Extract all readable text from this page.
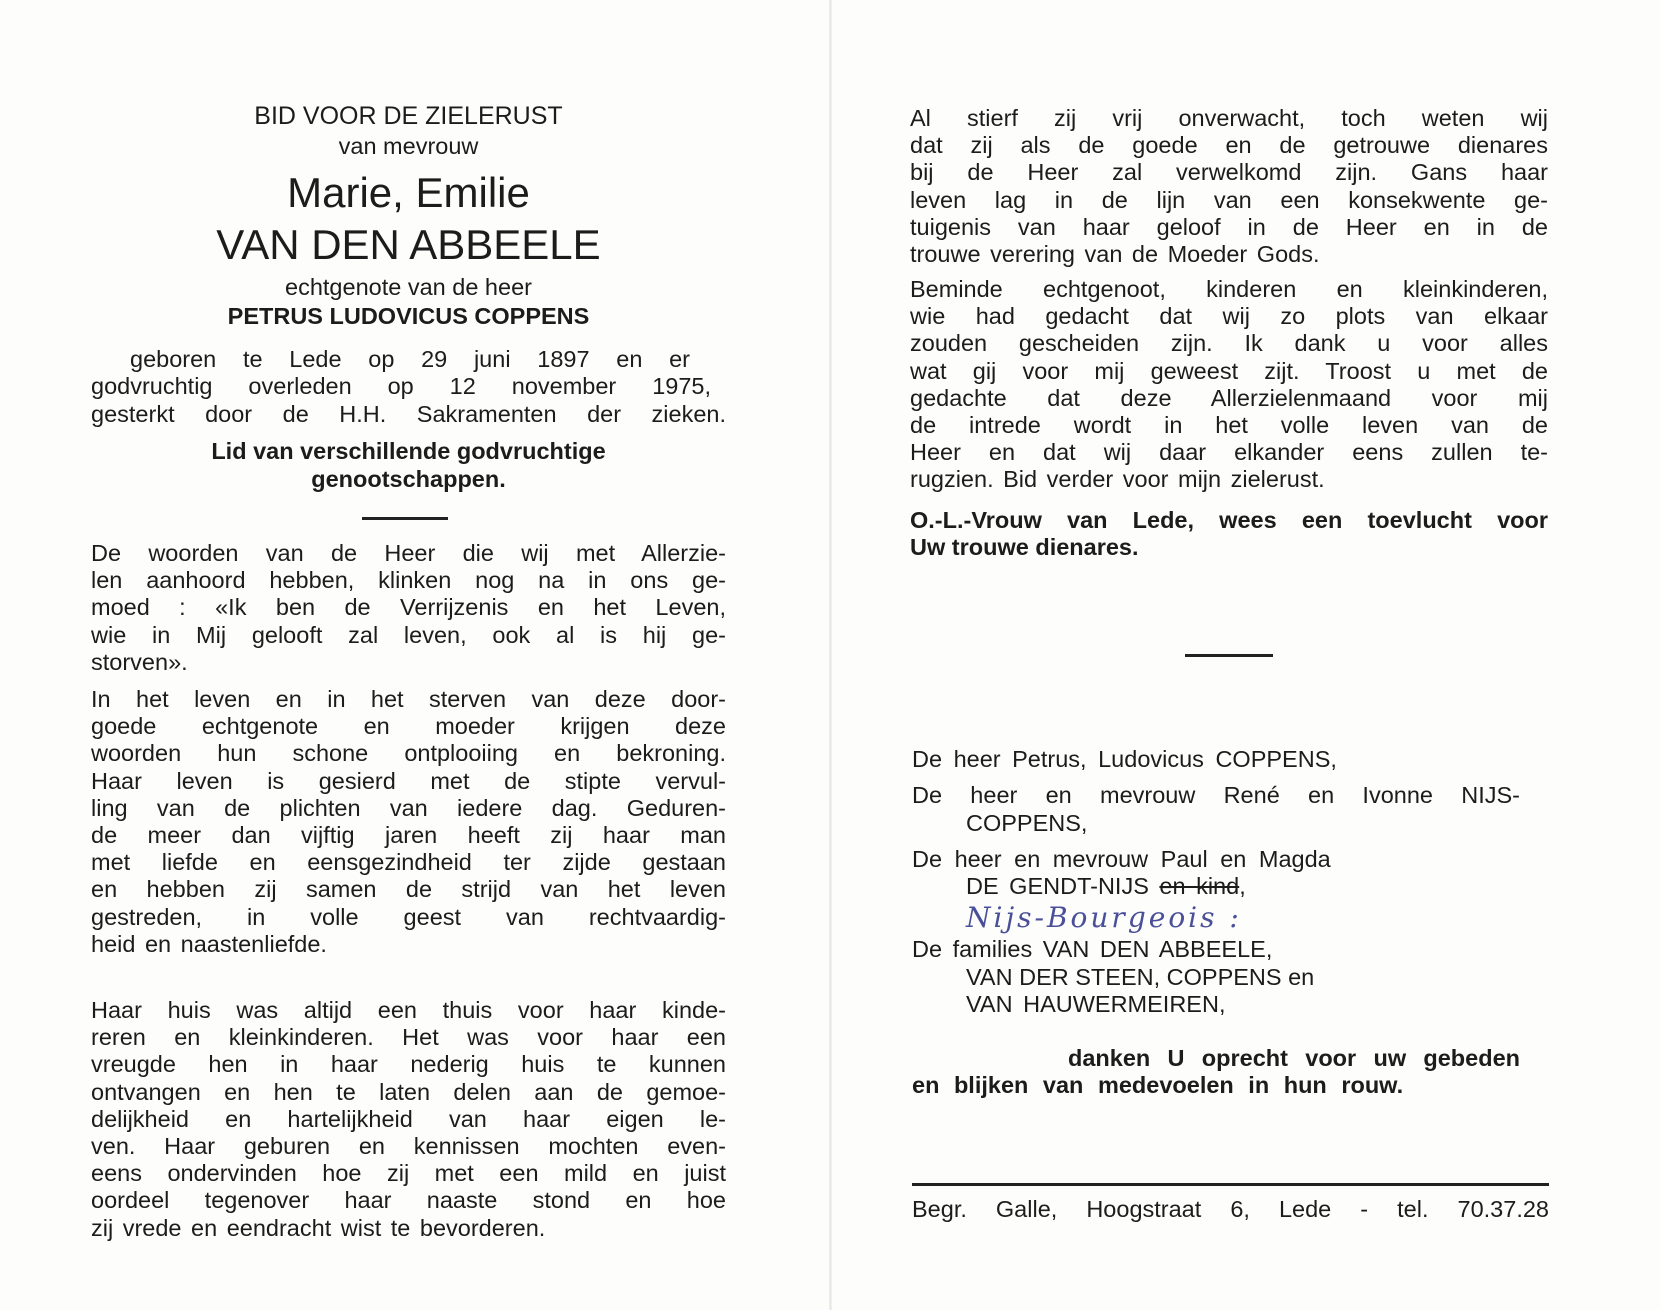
BID VOOR DE ZIELERUST
van mevrouw
Marie, Emilie
VAN DEN ABBEELE
echtgenote van de heer
PETRUS LUDOVICUS COPPENS
geboren te Lede op 29 juni 1897 en er
godvruchtig overleden op 12 november 1975,
gesterkt door de H.H. Sakramenten der zieken.
Lid van verschillende godvruchtige
genootschappen.
De woorden van de Heer die wij met Allerzie-
len aanhoord hebben, klinken nog na in ons ge-
moed : «Ik ben de Verrijzenis en het Leven,
wie in Mij gelooft zal leven, ook al is hij ge-
storven».
In het leven en in het sterven van deze door-
goede echtgenote en moeder krijgen deze
woorden hun schone ontplooiing en bekroning.
Haar leven is gesierd met de stipte vervul-
ling van de plichten van iedere dag. Geduren-
de meer dan vijftig jaren heeft zij haar man
met liefde en eensgezindheid ter zijde gestaan
en hebben zij samen de strijd van het leven
gestreden, in volle geest van rechtvaardig-
heid en naastenliefde.
Haar huis was altijd een thuis voor haar kinde-
reren en kleinkinderen. Het was voor haar een
vreugde hen in haar nederig huis te kunnen
ontvangen en hen te laten delen aan de gemoe-
delijkheid en hartelijkheid van haar eigen le-
ven. Haar geburen en kennissen mochten even-
eens ondervinden hoe zij met een mild en juist
oordeel tegenover haar naaste stond en hoe
zij vrede en eendracht wist te bevorderen.
Al stierf zij vrij onverwacht, toch weten wij
dat zij als de goede en de getrouwe dienares
bij de Heer zal verwelkomd zijn. Gans haar
leven lag in de lijn van een konsekwente ge-
tuigenis van haar geloof in de Heer en in de
trouwe verering van de Moeder Gods.
Beminde echtgenoot, kinderen en kleinkinderen,
wie had gedacht dat wij zo plots van elkaar
zouden gescheiden zijn. Ik dank u voor alles
wat gij voor mij geweest zijt. Troost u met de
gedachte dat deze Allerzielenmaand voor mij
de intrede wordt in het volle leven van de
Heer en dat wij daar elkander eens zullen te-
rugzien. Bid verder voor mijn zielerust.
O.-L.-Vrouw van Lede, wees een toevlucht voor
Uw trouwe dienares.
De heer Petrus, Ludovicus COPPENS,
De heer en mevrouw René en Ivonne NIJS-
COPPENS,
De heer en mevrouw Paul en Magda
DE GENDT-NIJS en kind,
Nijs-Bourgeois :
De families VAN DEN ABBEELE,
VAN DER STEEN, COPPENS en
VAN HAUWERMEIREN,
danken U oprecht voor uw gebeden
en blijken van medevoelen in hun rouw.
Begr. Galle, Hoogstraat 6, Lede - tel. 70.37.28
